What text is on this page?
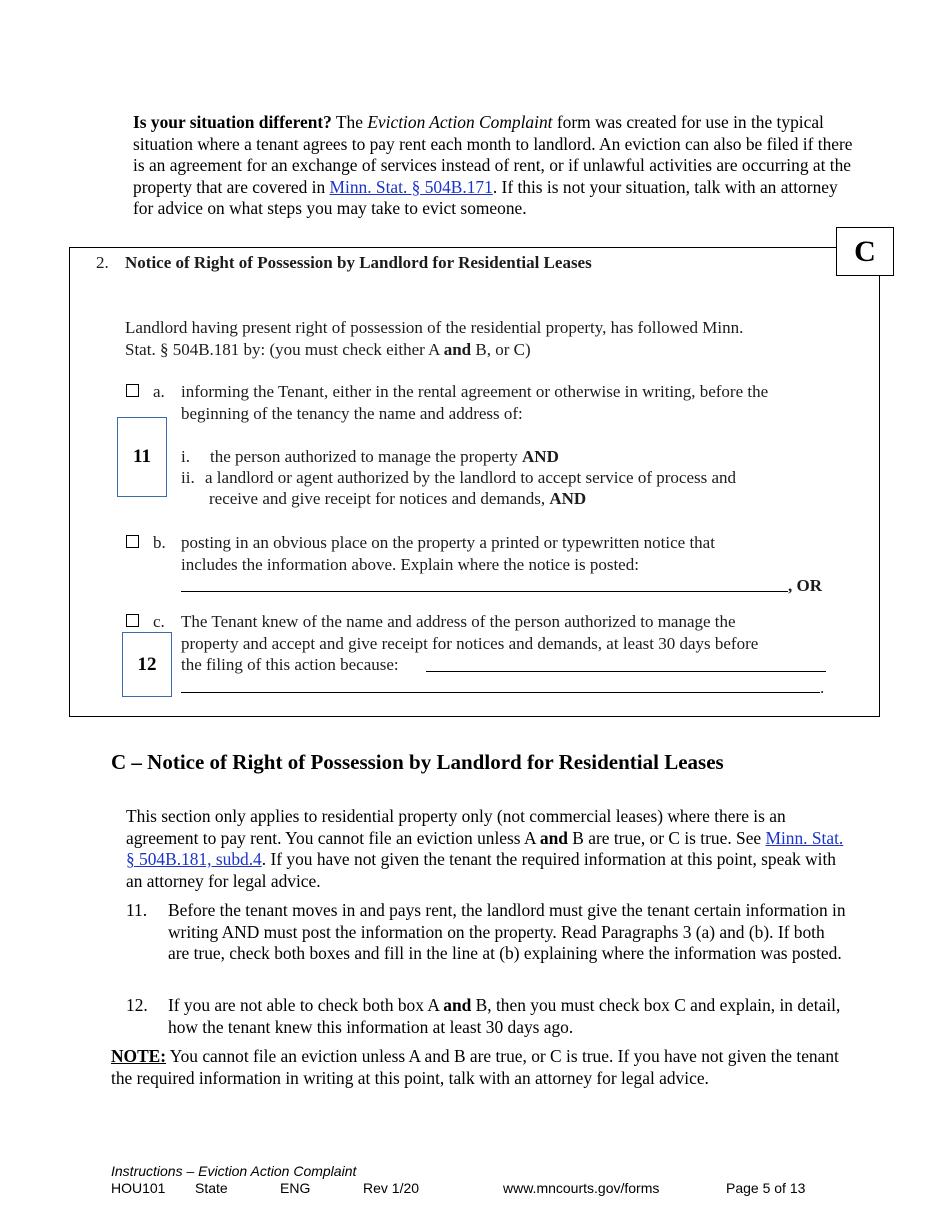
Is your situation different? The Eviction Action Complaint form was created for use in the typical situation where a tenant agrees to pay rent each month to landlord. An eviction can also be filed if there is an agreement for an exchange of services instead of rent, or if unlawful activities are occurring at the property that are covered in Minn. Stat. § 504B.171. If this is not your situation, talk with an attorney for advice on what steps you may take to evict someone.
C
2. Notice of Right of Possession by Landlord for Residential Leases
Landlord having present right of possession of the residential property, has followed Minn.
Stat. § 504B.181 by: (you must check either A and B, or C)
a. informing the Tenant, either in the rental agreement or otherwise in writing, before the
beginning of the tenancy the name and address of:
11	i. the person authorized to manage the property AND
ii. a landlord or agent authorized by the landlord to accept service of process and
receive and give receipt for notices and demands, AND
b. posting in an obvious place on the property a printed or typewritten notice that
includes the information above. Explain where the notice is posted:
, OR
c. The Tenant knew of the name and address of the person authorized to manage the
property and accept and give receipt for notices and demands, at least 30 days before
the filing of this action because:
.
12
C – Notice of Right of Possession by Landlord for Residential Leases
This section only applies to residential property only (not commercial leases) where there is an agreement to pay rent. You cannot file an eviction unless A and B are true, or C is true. See Minn. Stat. § 504B.181, subd.4. If you have not given the tenant the required information at this point, speak with an attorney for legal advice.
11. Before the tenant moves in and pays rent, the landlord must give the tenant certain information in writing AND must post the information on the property. Read Paragraphs 3 (a) and (b). If both are true, check both boxes and fill in the line at (b) explaining where the information was posted.
12. If you are not able to check both box A and B, then you must check box C and explain, in detail, how the tenant knew this information at least 30 days ago.
NOTE: You cannot file an eviction unless A and B are true, or C is true. If you have not given the tenant the required information in writing at this point, talk with an attorney for legal advice.
Instructions – Eviction Action Complaint
HOU101 State	ENG	Rev 1/20	www.mncourts.gov/forms	Page 5 of 13
